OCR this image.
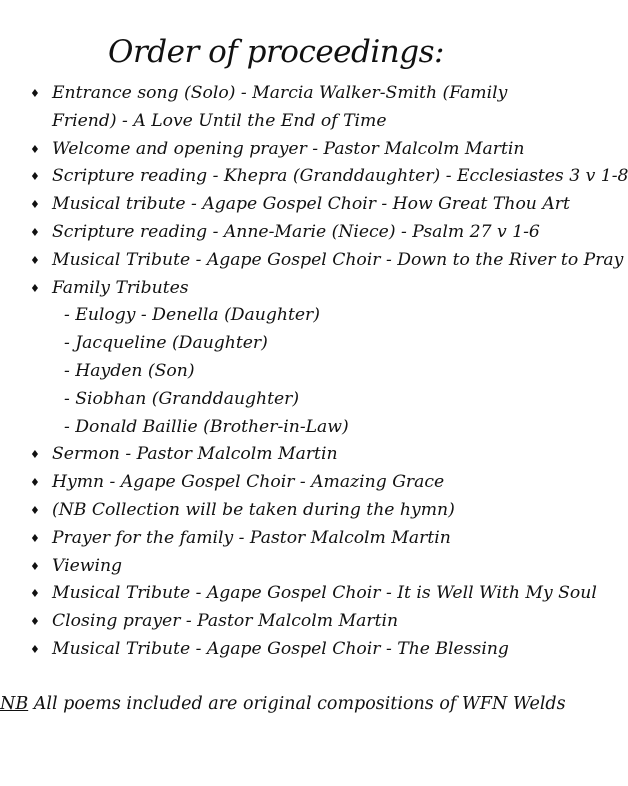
Order of proceedings:
♦ Entrance song (Solo) - Marcia Walker-Smith (Family Friend) - A Love Until the End of Time
♦ Welcome and opening prayer - Pastor Malcolm Martin
♦ Scripture reading - Khepra (Granddaughter) - Ecclesiastes 3 v 1-8
♦ Musical tribute - Agape Gospel Choir - How Great Thou Art
♦ Scripture reading - Anne-Marie (Niece) - Psalm 27 v 1-6
♦ Musical Tribute - Agape Gospel Choir - Down to the River to Pray
♦ Family Tributes
- Eulogy - Denella (Daughter)
- Jacqueline (Daughter)
- Hayden (Son)
- Siobhan (Granddaughter)
- Donald Baillie (Brother-in-Law)
♦ Sermon - Pastor Malcolm Martin
♦ Hymn - Agape Gospel Choir - Amazing Grace
♦ (NB Collection will be taken during the hymn)
♦ Prayer for the family - Pastor Malcolm Martin
♦ Viewing
♦ Musical Tribute - Agape Gospel Choir - It is Well With My Soul
♦ Closing prayer - Pastor Malcolm Martin
♦ Musical Tribute - Agape Gospel Choir - The Blessing
NB All poems included are original compositions of WFN Welds
